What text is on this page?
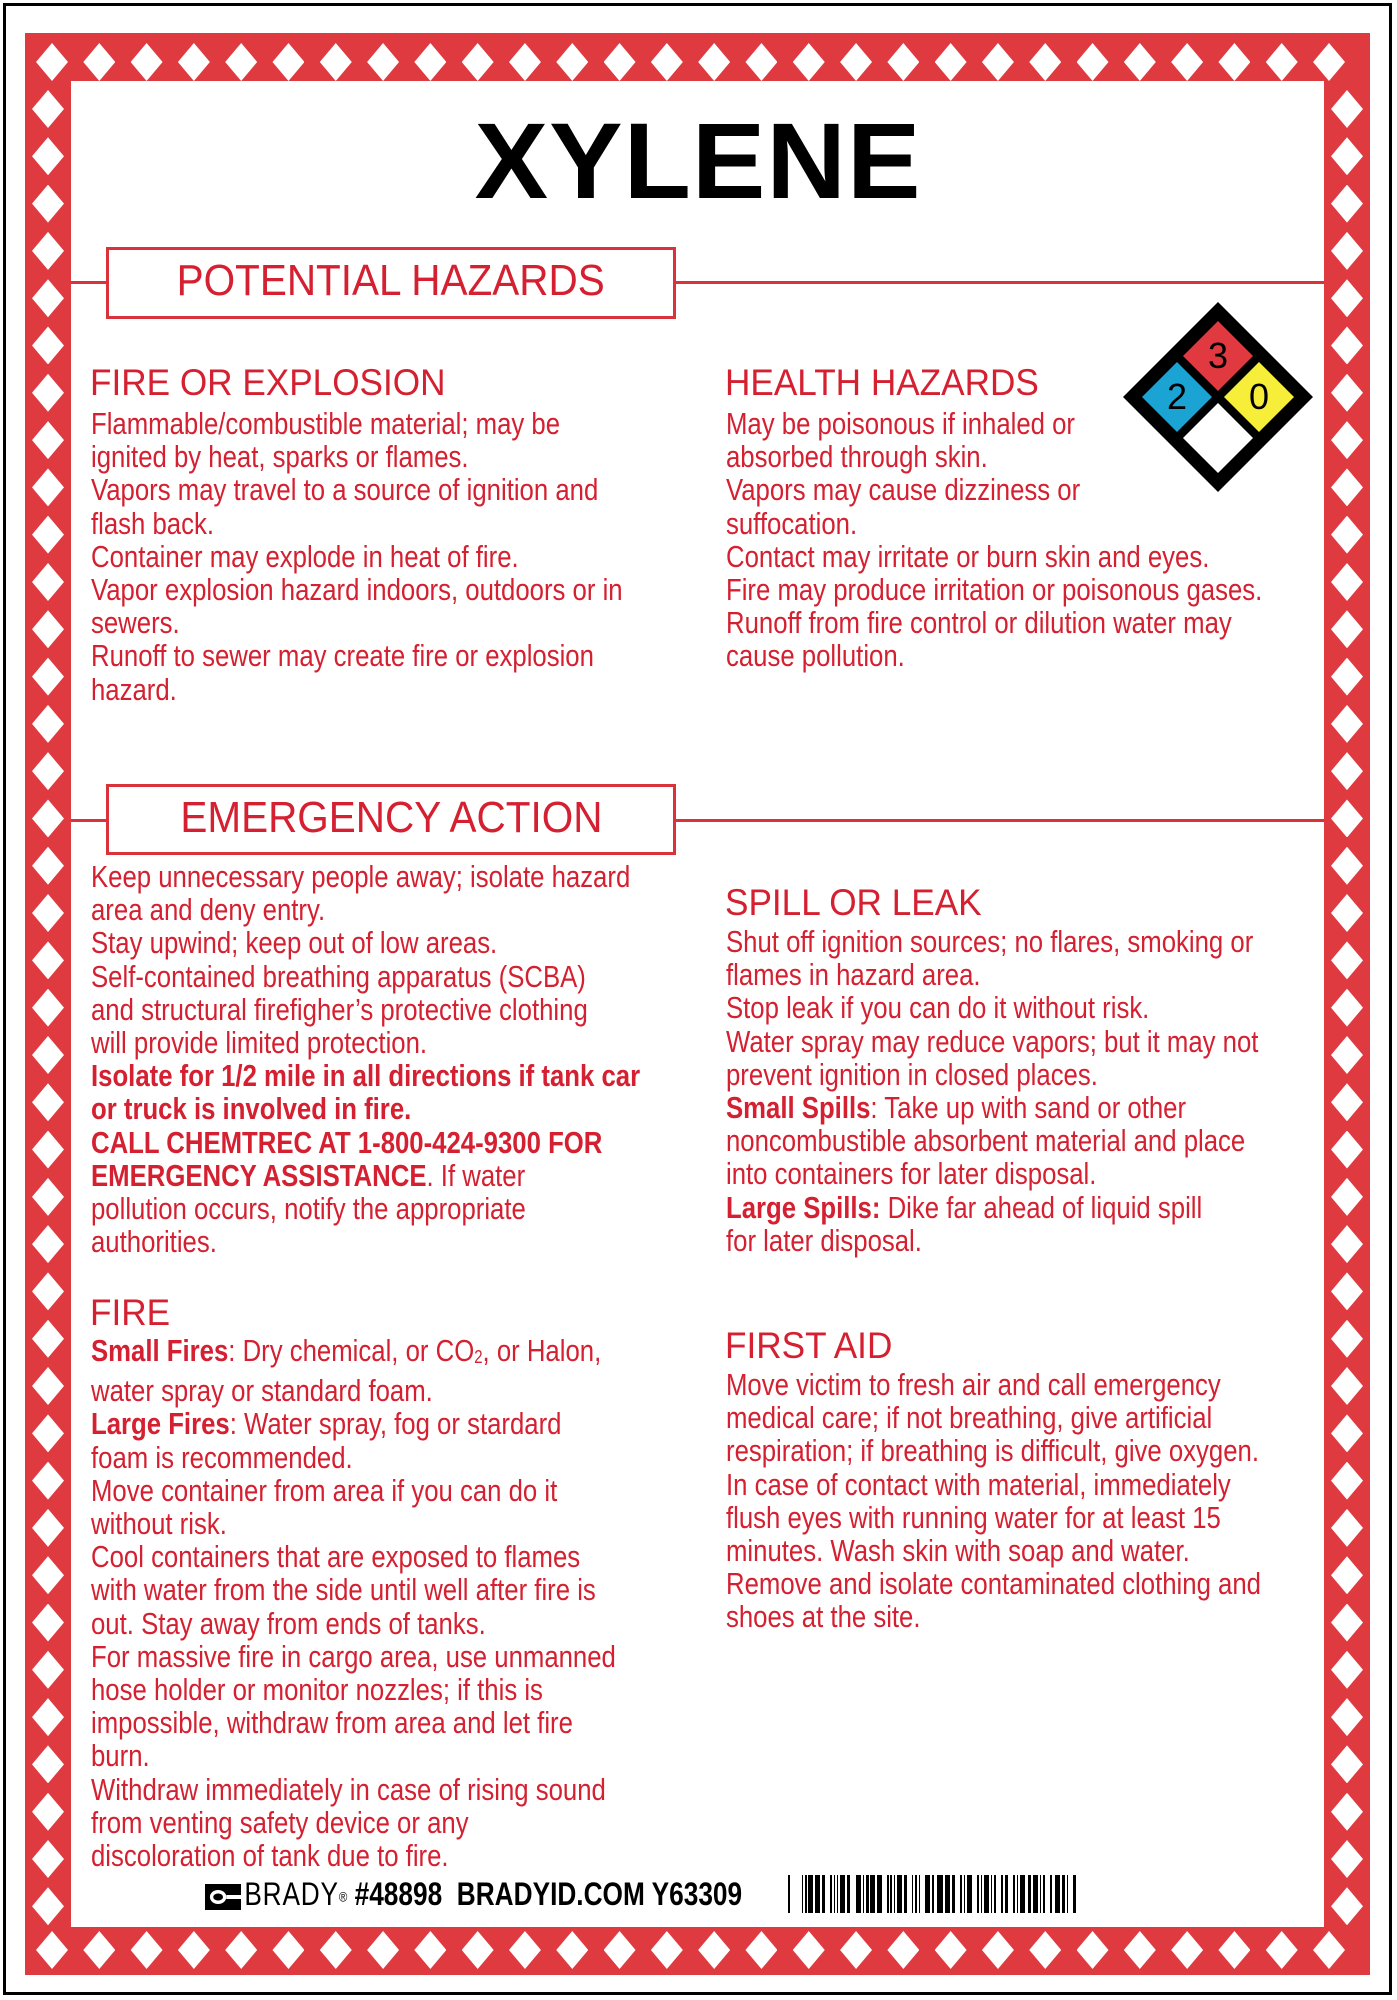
XYLENE
POTENTIAL HAZARDS
FIRE OR EXPLOSION
Flammable/combustible material; may be
ignited by heat, sparks or flames.
Vapors may travel to a source of ignition and
flash back.
Container may explode in heat of fire.
Vapor explosion hazard indoors, outdoors or in
sewers.
Runoff to sewer may create fire or explosion
hazard.
HEALTH HAZARDS
May be poisonous if inhaled or
absorbed through skin.
Vapors may cause dizziness or
suffocation.
Contact may irritate or burn skin and eyes.
Fire may produce irritation or poisonous gases.
Runoff from fire control or dilution water may
cause pollution.
3
2 0
EMERGENCY ACTION
Keep unnecessary people away; isolate hazard
area and deny entry.
Stay upwind; keep out of low areas.
Self-contained breathing apparatus (SCBA)
and structural firefigher’s protective clothing
will provide limited protection.
Isolate for 1/2 mile in all directions if tank car
or truck is involved in fire.
CALL CHEMTREC AT 1-800-424-9300 FOR
EMERGENCY ASSISTANCE. If water
pollution occurs, notify the appropriate
authorities.
FIRE
Small Fires: Dry chemical, or $CO_2$, or Halon,
water spray or standard foam.
Large Fires: Water spray, fog or stardard
foam is recommended.
Move container from area if you can do it
without risk.
Cool containers that are exposed to flames
with water from the side until well after fire is
out. Stay away from ends of tanks.
For massive fire in cargo area, use unmanned
hose holder or monitor nozzles; if this is
impossible, withdraw from area and let fire
burn.
Withdraw immediately in case of rising sound
from venting safety device or any
discoloration of tank due to fire.
SPILL OR LEAK
Shut off ignition sources; no flares, smoking or
flames in hazard area.
Stop leak if you can do it without risk.
Water spray may reduce vapors; but it may not
prevent ignition in closed places.
Small Spills: Take up with sand or other
noncombustible absorbent material and place
into containers for later disposal.
Large Spills: Dike far ahead of liquid spill
for later disposal.
FIRST AID
Move victim to fresh air and call emergency
medical care; if not breathing, give artificial
respiration; if breathing is difficult, give oxygen.
In case of contact with material, immediately
flush eyes with running water for at least 15
minutes. Wash skin with soap and water.
Remove and isolate contaminated clothing and
shoes at the site.
BRADY® #48898 BRADYID.COM Y63309
